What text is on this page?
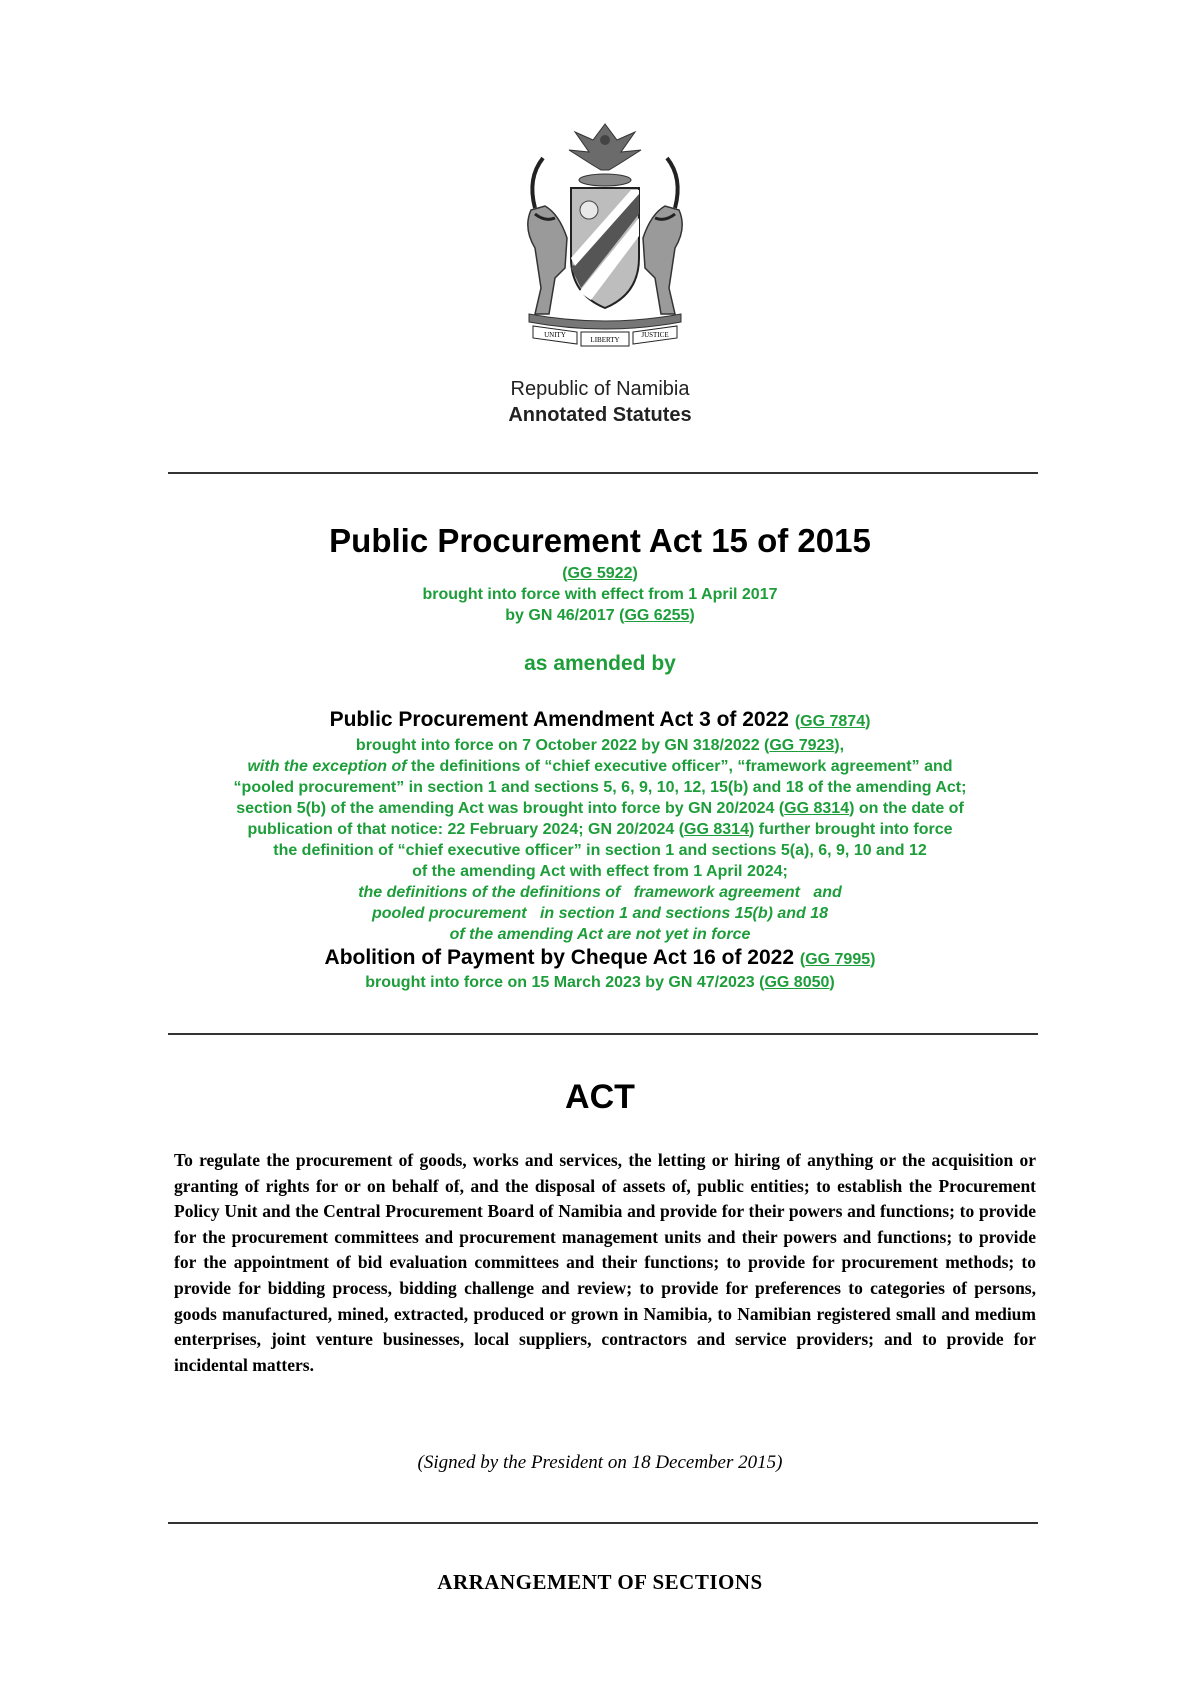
UNITY
LIBERTY
JUSTICE
Republic of Namibia
Annotated Statutes
Public Procurement Act 15 of 2015
(GG 5922)
brought into force with effect from 1 April 2017
by GN 46/2017 (GG 6255)
as amended by
Public Procurement Amendment Act 3 of 2022 (GG 7874)
brought into force on 7 October 2022 by GN 318/2022 (GG 7923),
with the exception of the definitions of “chief executive officer”, “framework agreement” and
“pooled procurement” in section 1 and sections 5, 6, 9, 10, 12, 15(b) and 18 of the amending Act;
section 5(b) of the amending Act was brought into force by GN 20/2024 (GG 8314) on the date of
publication of that notice: 22 February 2024; GN 20/2024 (GG 8314) further brought into force
the definition of “chief executive officer” in section 1 and sections 5(a), 6, 9, 10 and 12
of the amending Act with effect from 1 April 2024;
the definitions of the definitions of   framework agreement   and
pooled procurement   in section 1 and sections 15(b) and 18
of the amending Act are not yet in force
Abolition of Payment by Cheque Act 16 of 2022 (GG 7995)
brought into force on 15 March 2023 by GN 47/2023 (GG 8050)
ACT
To regulate the procurement of goods, works and services, the letting or hiring of anything or the acquisition or granting of rights for or on behalf of, and the disposal of assets of, public entities; to establish the Procurement Policy Unit and the Central Procurement Board of Namibia and provide for their powers and functions; to provide for the procurement committees and procurement management units and their powers and functions; to provide for the appointment of bid evaluation committees and their functions; to provide for procurement methods; to provide for bidding process, bidding challenge and review; to provide for preferences to categories of persons, goods manufactured, mined, extracted, produced or grown in Namibia, to Namibian registered small and medium enterprises, joint venture businesses, local suppliers, contractors and service providers; and to provide for incidental matters.
(Signed by the President on 18 December 2015)
ARRANGEMENT OF SECTIONS
